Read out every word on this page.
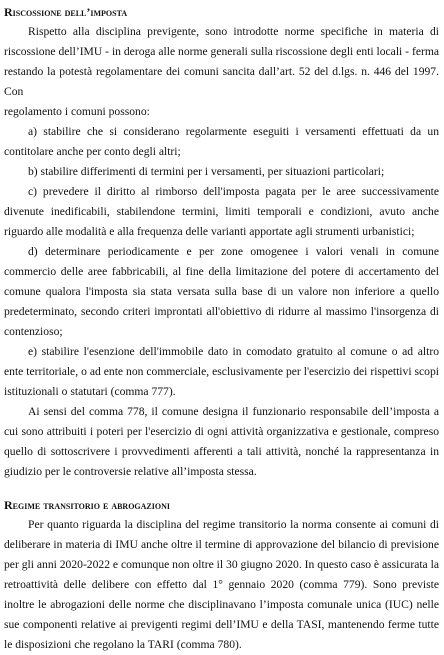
Riscossione dell’imposta

Rispetto alla disciplina previgente, sono introdotte norme specifiche in materia di riscossione dell’IMU - in deroga alle norme generali sulla riscossione degli enti locali - ferma restando la potestà regolamentare dei comuni sancita dall’art. 52 del d.lgs. n. 446 del 1997. Con

regolamento i comuni possono:

a) stabilire che si considerano regolarmente eseguiti i versamenti effettuati da un contitolare anche per conto degli altri;

b) stabilire differimenti di termini per i versamenti, per situazioni particolari;

c) prevedere il diritto al rimborso dell'imposta pagata per le aree successivamente divenute inedificabili, stabilendone termini, limiti temporali e condizioni, avuto anche riguardo alle modalità e alla frequenza delle varianti apportate agli strumenti urbanistici;

d) determinare periodicamente e per zone omogenee i valori venali in comune commercio delle aree fabbricabili, al fine della limitazione del potere di accertamento del comune qualora l'imposta sia stata versata sulla base di un valore non inferiore a quello predeterminato, secondo criteri improntati all'obiettivo di ridurre al massimo l'insorgenza di contenzioso;

e) stabilire l'esenzione dell'immobile dato in comodato gratuito al comune o ad altro ente territoriale, o ad ente non commerciale, esclusivamente per l'esercizio dei rispettivi scopi istituzionali o statutari (comma 777).

Ai sensi del comma 778, il comune designa il funzionario responsabile dell’imposta a cui sono attribuiti i poteri per l'esercizio di ogni attività organizzativa e gestionale, compreso quello di sottoscrivere i provvedimenti afferenti a tali attività, nonché la rappresentanza in giudizio per le controversie relative all’imposta stessa.

Regime transitorio e abrogazioni

Per quanto riguarda la disciplina del regime transitorio la norma consente ai comuni di deliberare in materia di IMU anche oltre il termine di approvazione del bilancio di previsione per gli anni 2020-2022 e comunque non oltre il 30 giugno 2020. In questo caso è assicurata la retroattività delle delibere con effetto dal 1° gennaio 2020 (comma 779). Sono previste inoltre le abrogazioni delle norme che disciplinavano l’imposta comunale unica (IUC) nelle sue componenti relative ai previgenti regimi dell’IMU e della TASI, mantenendo ferme tutte le disposizioni che regolano la TARI (comma 780).
